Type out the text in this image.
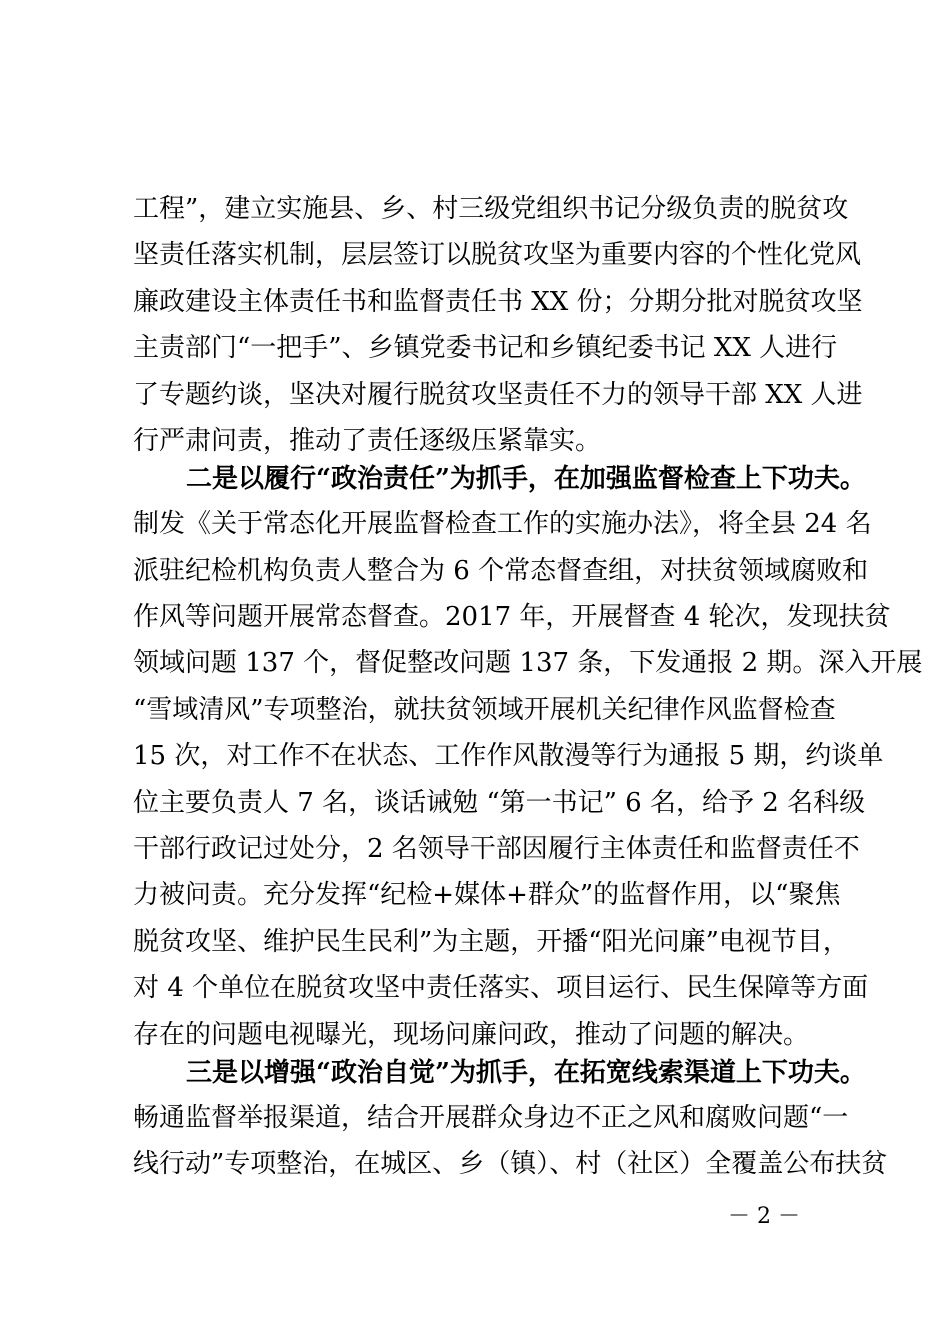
工程”，建立实施县、乡、村三级党组织书记分级负责的脱贫攻
坚责任落实机制，层层签订以脱贫攻坚为重要内容的个性化党风
廉政建设主体责任书和监督责任书 XX 份；分期分批对脱贫攻坚
主责部门“一把手”、乡镇党委书记和乡镇纪委书记 XX 人进行
了专题约谈，坚决对履行脱贫攻坚责任不力的领导干部 XX 人进
行严肃问责，推动了责任逐级压紧靠实。
二是以履行“政治责任”为抓手，在加强监督检查上下功夫。
制发《关于常态化开展监督检查工作的实施办法》，将全县 24 名
派驻纪检机构负责人整合为 6 个常态督查组，对扶贫领域腐败和
作风等问题开展常态督查。2017 年，开展督查 4 轮次，发现扶贫
领域问题 137 个，督促整改问题 137 条，下发通报 2 期。深入开展
“雪域清风”专项整治，就扶贫领域开展机关纪律作风监督检查
15 次，对工作不在状态、工作作风散漫等行为通报 5 期，约谈单
位主要负责人 7 名，谈话诫勉 “第一书记” 6 名，给予 2 名科级
干部行政记过处分，2 名领导干部因履行主体责任和监督责任不
力被问责。充分发挥“纪检+媒体+群众”的监督作用，以“聚焦
脱贫攻坚、维护民生民利”为主题，开播“阳光问廉”电视节目，
对 4 个单位在脱贫攻坚中责任落实、项目运行、民生保障等方面
存在的问题电视曝光，现场问廉问政，推动了问题的解决。
三是以增强“政治自觉”为抓手，在拓宽线索渠道上下功夫。
畅通监督举报渠道，结合开展群众身边不正之风和腐败问题“一
线行动”专项整治，在城区、乡（镇）、村（社区）全覆盖公布扶贫
－ 2 －
